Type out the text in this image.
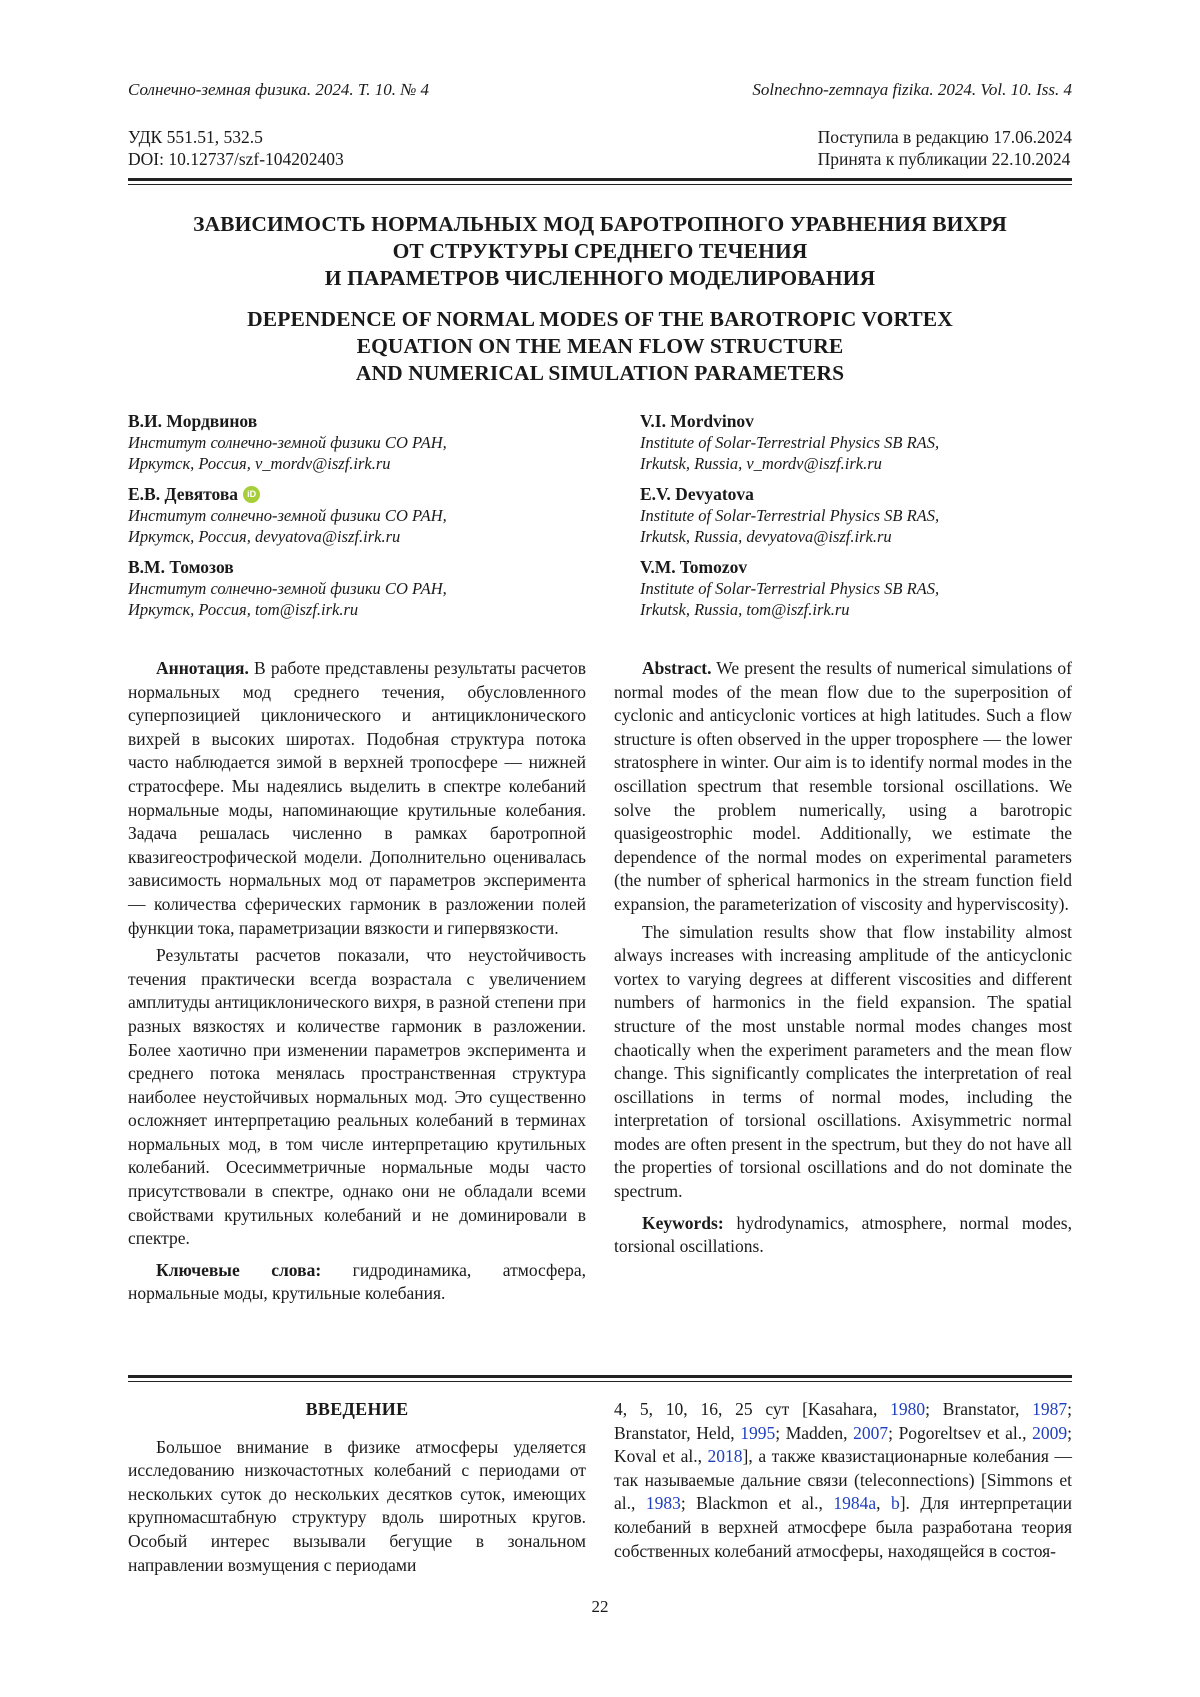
Солнечно-земная физика. 2024. Т. 10. № 4	Solnechno-zemnaya fizika. 2024. Vol. 10. Iss. 4
УДК 551.51, 532.5
DOI: 10.12737/szf-104202403
Поступила в редакцию 17.06.2024
Принята к публикации 22.10.2024
ЗАВИСИМОСТЬ НОРМАЛЬНЫХ МОД БАРОТРОПНОГО УРАВНЕНИЯ ВИХРЯ
ОТ СТРУКТУРЫ СРЕДНЕГО ТЕЧЕНИЯ
И ПАРАМЕТРОВ ЧИСЛЕННОГО МОДЕЛИРОВАНИЯ
DEPENDENCE OF NORMAL MODES OF THE BAROTROPIC VORTEX
EQUATION ON THE MEAN FLOW STRUCTURE
AND NUMERICAL SIMULATION PARAMETERS
В.И. Мордвинов
Институт солнечно-земной физики СО РАН,
Иркутск, Россия, v_mordv@iszf.irk.ru
Е.В. Девятова	iD
Институт солнечно-земной физики СО РАН,
Иркутск, Россия, devyatova@iszf.irk.ru
В.М. Томозов
Институт солнечно-земной физики СО РАН,
Иркутск, Россия, tom@iszf.irk.ru
V.I. Mordvinov
Institute of Solar-Terrestrial Physics SB RAS,
Irkutsk, Russia, v_mordv@iszf.irk.ru
E.V. Devyatova
Institute of Solar-Terrestrial Physics SB RAS,
Irkutsk, Russia, devyatova@iszf.irk.ru
V.M. Tomozov
Institute of Solar-Terrestrial Physics SB RAS,
Irkutsk, Russia, tom@iszf.irk.ru

Аннотация. В работе представлены результаты расчетов нормальных мод среднего течения, обусловленного суперпозицией циклонического и антициклонического вихрей в высоких широтах. Подобная структура потока часто наблюдается зимой в верхней тропосфере — нижней стратосфере. Мы надеялись выделить в спектре колебаний нормальные моды, напоминающие крутильные колебания. Задача решалась численно в рамках баротропной квазигеострофической модели. Дополнительно оценивалась зависимость нормальных мод от параметров эксперимента — количества сферических гармоник в разложении полей функции тока, параметризации вязкости и гипервязкости.

Результаты расчетов показали, что неустойчивость течения практически всегда возрастала с увеличением амплитуды антициклонического вихря, в разной степени при разных вязкостях и количестве гармоник в разложении. Более хаотично при изменении параметров эксперимента и среднего потока менялась пространственная структура наиболее неустойчивых нормальных мод. Это существенно осложняет интерпретацию реальных колебаний в терминах нормальных мод, в том числе интерпретацию крутильных колебаний. Осесимметричные нормальные моды часто присутствовали в спектре, однако они не обладали всеми свойствами крутильных колебаний и не доминировали в спектре.

Ключевые слова: гидродинамика, атмосфера, нормальные моды, крутильные колебания.

Abstract. We present the results of numerical simulations of normal modes of the mean flow due to the superposition of cyclonic and anticyclonic vortices at high latitudes. Such a flow structure is often observed in the upper troposphere — the lower stratosphere in winter. Our aim is to identify normal modes in the oscillation spectrum that resemble torsional oscillations. We solve the problem numerically, using a barotropic quasigeostrophic model. Additionally, we estimate the dependence of the normal modes on experimental parameters (the number of spherical harmonics in the stream function field expansion, the parameterization of viscosity and hyperviscosity).

The simulation results show that flow instability almost always increases with increasing amplitude of the anticyclonic vortex to varying degrees at different viscosities and different numbers of harmonics in the field expansion. The spatial structure of the most unstable normal modes changes most chaotically when the experiment parameters and the mean flow change. This significantly complicates the interpretation of real oscillations in terms of normal modes, including the interpretation of torsional oscillations. Axisymmetric normal modes are often present in the spectrum, but they do not have all the properties of torsional oscillations and do not dominate the spectrum.

Keywords: hydrodynamics, atmosphere, normal modes, torsional oscillations.

ВВЕДЕНИЕ

Большое внимание в физике атмосферы уделяется исследованию низкочастотных колебаний с периодами от нескольких суток до нескольких десятков суток, имеющих крупномасштабную структуру вдоль широтных кругов. Особый интерес вызывали бегущие в зональном направлении возмущения с периодами

4, 5, 10, 16, 25 сут [Kasahara, 1980; Branstator, 1987; Branstator, Held, 1995; Madden, 2007; Pogoreltsev et al., 2009; Koval et al., 2018], а также квазистационарные колебания — так называемые дальние связи (teleconnections) [Simmons et al., 1983; Blackmon et al., 1984a, b]. Для интерпретации колебаний в верхней атмосфере была разработана теория собственных колебаний атмосферы, находящейся в состоя-

22
